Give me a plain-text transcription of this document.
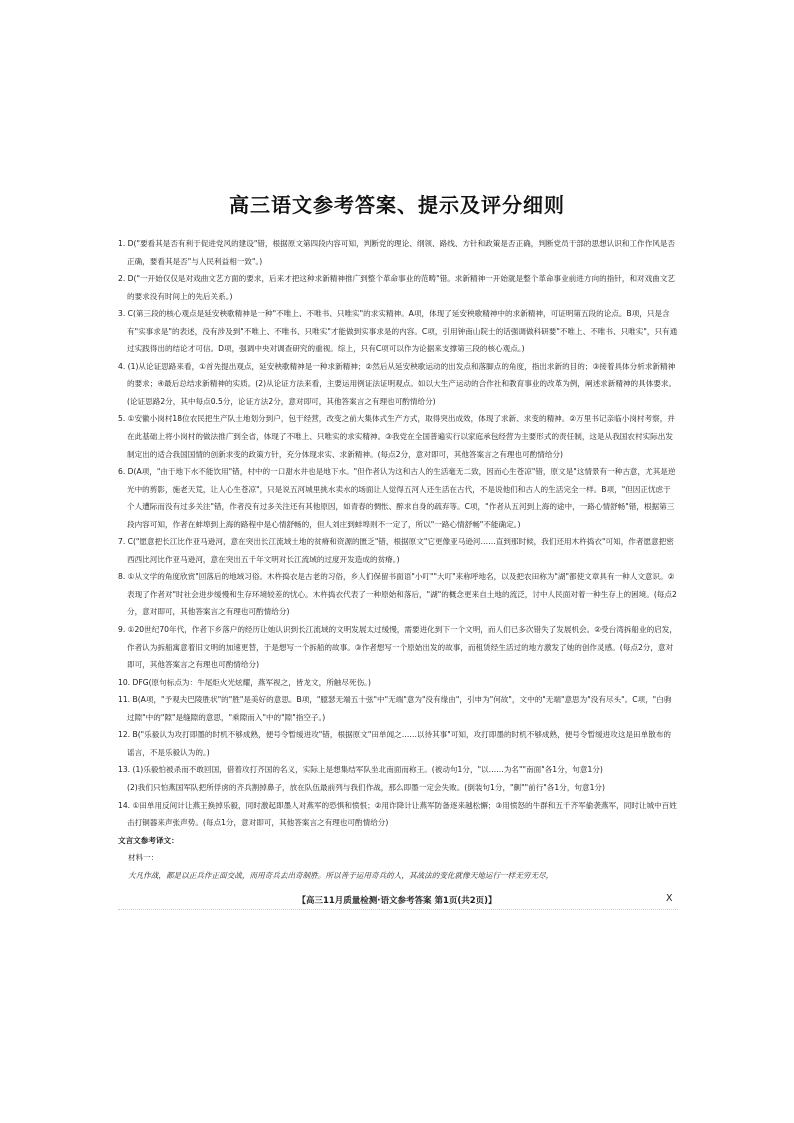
高三语文参考答案、提示及评分细则

1. D("要看其是否有利于促进党风的建设"错，根据原文第四段内容可知，判断党的理论、纲领、路线、方针和政策是否正确，判断党员干部的思想认识和工作作风是否正确，要看其是否"与人民利益相一致"。)

2. D("一开始仅仅是对戏曲文艺方面的要求，后来才把这种求新精神推广到整个革命事业的范畴"错。求新精神一开始就是整个革命事业前进方向的指针，和对戏曲文艺的要求没有时间上的先后关系。)

3. C(第三段的核心观点是延安秧歌精神是一种"不唯上、不唯书、只唯实"的求实精神。A项，体现了延安秧歌精神中的求新精神，可证明第五段的论点。B项，只是含有"实事求是"的表述，没有涉及到"不唯上、不唯书、只唯实"才能做到实事求是的内容。C项，引用钟南山院士的话强调做科研要"不唯上、不唯书、只唯实"，只有通过实践得出的结论才可信。D项，强调中央对调查研究的重视。综上，只有C项可以作为论据来支撑第三段的核心观点。)

4. (1)从论证思路来看，①首先提出观点，延安秧歌精神是一种求新精神；②然后从延安秧歌运动的出发点和落脚点的角度，指出求新的目的；③接着具体分析求新精神的要求；④最后总结求新精神的实质。(2)从论证方法来看，主要运用例证法证明观点。如以大生产运动的合作社和教育事业的改革为例，阐述求新精神的具体要求。(论证思路2分，其中每点0.5分，论证方法2分，意对即可，其他答案言之有理也可酌情给分)

5. ①安徽小岗村18位农民把生产队土地划分到户，包干经营，改变之前大集体式生产方式，取得突出成效，体现了求新、求变的精神。②万里书记亲临小岗村考察，并在此基础上将小岗村的做法推广到全省，体现了不唯上、只唯实的求实精神。③我党在全国普遍实行以家庭承包经营为主要形式的责任制，这是从我国农村实际出发制定出的适合我国国情的创新求变的政策方针，充分体现求实、求新精神。(每点2分，意对即可，其他答案言之有理也可酌情给分)

6. D(A项，"由于地下水不能饮用"错，村中的一口甜水井也是地下水。"但作者认为这和古人的生活毫无二致，因而心生苍凉"错，原文是"这情景有一种古意，尤其是逆光中的剪影，施老天荒，让人心生苍凉"，只是说五河城里挑水卖水的场面让人觉得五河人还生活在古代，不是说他们和古人的生活完全一样。B项，"但因正忧虑于个人遭际而没有过多关注"错，作者没有过多关注还有其他原因，如青春的惆怅、醉求自身的疏弃等。C项，"作者从五河到上海的途中，一路心情舒畅"错，根据第三段内容可知，作者在蚌埠到上海的路程中是心情舒畅的，但人刘庄到蚌埠则不一定了，所以"一路心情舒畅"不能确定。)

7. C("愿意把长江比作亚马逊河，意在突出长江流域土地的贫瘠和资源的匮乏"错，根据原文"它更像亚马逊河……直到那时候，我们还用木杵捣衣"可知，作者愿意把密西西比河比作亚马逊河，意在突出五千年文明对长江流域的过度开发造成的贫瘠。)

8. ①从文学的角度欣赏"回落后的地域习俗。木杵捣衣是古老的习俗，乡人们保留书面语"小叮""大叮"来称呼地名，以及把农田称为"湖"都使文章具有一种人文意识。②表现了作者对"时社会进步缓慢和生存环境较差的忧心。木杵捣衣代表了一种原始和落后，"湖"的概念更来自土地的流泛，讨中人民面对着一种生存上的困境。(每点2分，意对即可，其他答案言之有理也可酌情给分)

9. ①20世纪70年代，作者下乡落户的经历让她认识到长江流域的文明发展太过缓慢，需要进化到下一个文明，而人们已多次错失了发展机会。②受台湾拆船业的启发，作者认为拆船寓意着旧文明的加速更替，于是想写一个拆船的故事。③作者想写一个原始出发的故事，而租赁经生活过的地方激发了她的创作灵感。(每点2分，意对即可，其他答案言之有理也可酌情给分)

10. DFG(原句标点为：牛尾炬火光炫耀，燕军视之，皆龙文，所触尽死伤。)

11. B(A项，"予观夫巴陵胜状"的"胜"是美好的意思。B项，"臆瑟无端五十弦"中"无端"意为"没有缘由"，引申为"何故"，文中的"无端"意思为"没有尽头"。C项，"白驹过隙"中的"隙"是缝隙的意思，"乘隙而入"中的"隙"指空子。)

12. B("乐毅认为攻打即墨的时机不够成熟，便号令暂缓进攻"错，根据原文"田单闻之……以待其事"可知，攻打即墨的时机不够成熟，便号令暂缓进攻这是田单散布的谣言，不是乐毅认为的。)

13. (1)乐毅怕被杀而不敢回国，借着攻打齐国的名义，实际上是想集结军队坐北南面而称王。(被动句1分，"以……为名""南面"各1分，句意1分)

(2)我们只怕燕国军队把所俘虏的齐兵割掉鼻子，放在队伍最前列与我们作战，那么即墨一定会失败。(倒装句1分，"劓""前行"各1分，句意1分)

14. ①田单用反间计让燕王换掉乐毅，同时激起即墨人对燕军的恐惧和愤恨；②用诈降计让燕军防备逐来越松懈；③用愤怒的牛群和五千齐军偷袭燕军，同时让城中百姓击打铜器来声张声势。(每点1分，意对即可，其他答案言之有理也可酌情给分)

文言文参考译文：

材料一：

大凡作战，都是以正兵作正面交战，而用奇兵去出奇制胜。所以善于运用奇兵的人，其战法的变化就像天地运行一样无穷无尽，

【高三11月质量检测·语文参考答案 第1页(共2页)】	X
